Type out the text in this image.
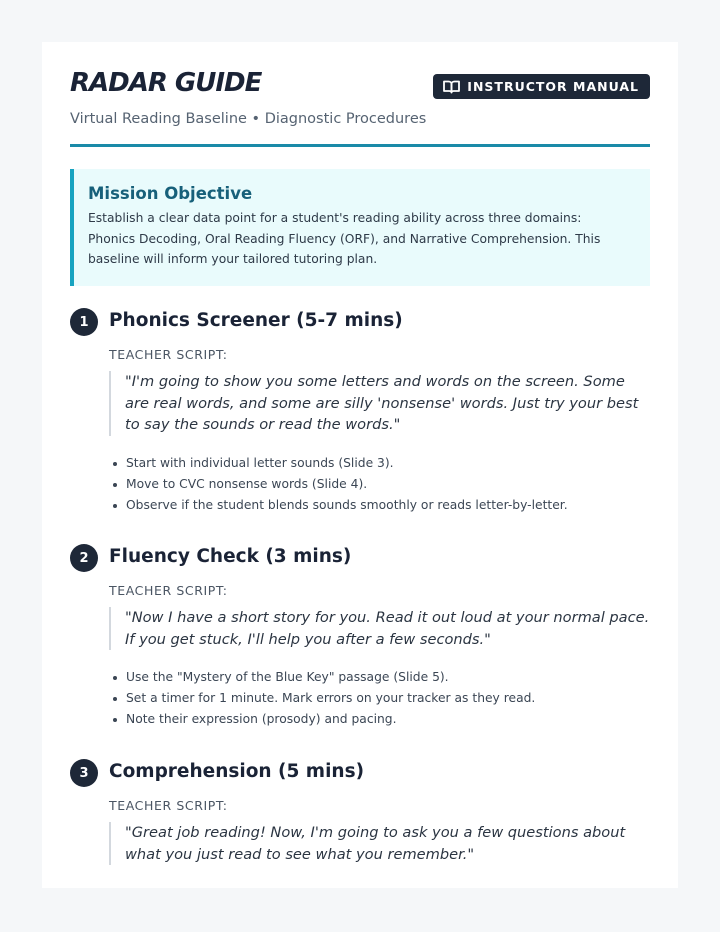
RADAR GUIDE
Virtual Reading Baseline • Diagnostic Procedures
INSTRUCTOR MANUAL
Mission Objective

Establish a clear data point for a student's reading ability across three domains: Phonics Decoding, Oral Reading Fluency (ORF), and Narrative Comprehension. This baseline will inform your tailored tutoring plan.

1	Phonics Screener (5-7 mins)
TEACHER SCRIPT:
"I'm going to show you some letters and words on the screen. Some are real words, and some are silly 'nonsense' words. Just try your best to say the sounds or read the words."
Start with individual letter sounds (Slide 3).
Move to CVC nonsense words (Slide 4).
Observe if the student blends sounds smoothly or reads letter-by-letter.
2	Fluency Check (3 mins)
TEACHER SCRIPT:
"Now I have a short story for you. Read it out loud at your normal pace. If you get stuck, I'll help you after a few seconds."
Use the "Mystery of the Blue Key" passage (Slide 5).
Set a timer for 1 minute. Mark errors on your tracker as they read.
Note their expression (prosody) and pacing.
3	Comprehension (5 mins)
TEACHER SCRIPT:
"Great job reading! Now, I'm going to ask you a few questions about what you just read to see what you remember."
